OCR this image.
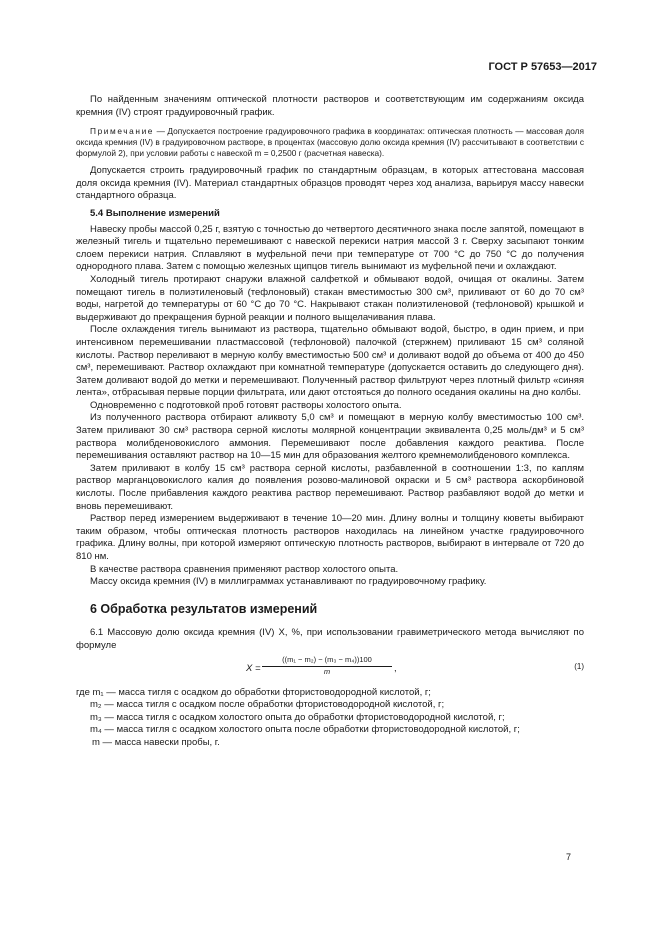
ГОСТ Р 57653—2017

По найденным значениям оптической плотности растворов и соответствующим им содержаниям оксида кремния (IV) строят градуировочный график.

Примечание — Допускается построение градуировочного графика в координатах: оптическая плотность — массовая доля оксида кремния (IV) в градуировочном растворе, в процентах (массовую долю оксида кремния (IV) рассчитывают в соответствии с формулой 2), при условии работы с навеской m = 0,2500 г (расчетная навеска).

Допускается строить градуировочный график по стандартным образцам, в которых аттестована массовая доля оксида кремния (IV). Материал стандартных образцов проводят через ход анализа, варьируя массу навески стандартного образца.

5.4 Выполнение измерений

Навеску пробы массой 0,25 г, взятую с точностью до четвертого десятичного знака после запятой, помещают в железный тигель и тщательно перемешивают с навеской перекиси натрия массой 3 г. Сверху засыпают тонким слоем перекиси натрия. Сплавляют в муфельной печи при температуре от 700 °С до 750 °С до получения однородного плава. Затем с помощью железных щипцов тигель вынимают из муфельной печи и охлаждают.

Холодный тигель протирают снаружи влажной салфеткой и обмывают водой, очищая от окалины. Затем помещают тигель в полиэтиленовый (тефлоновый) стакан вместимостью 300 см³, приливают от 60 до 70 см³ воды, нагретой до температуры от 60 °С до 70 °С. Накрывают стакан полиэтиленовой (тефлоновой) крышкой и выдерживают до прекращения бурной реакции и полного выщелачивания плава.

После охлаждения тигель вынимают из раствора, тщательно обмывают водой, быстро, в один прием, и при интенсивном перемешивании пластмассовой (тефлоновой) палочкой (стержнем) приливают 15 см³ соляной кислоты. Раствор переливают в мерную колбу вместимостью 500 см³ и доливают водой до объема от 400 до 450 см³, перемешивают. Раствор охлаждают при комнатной температуре (допускается оставить до следующего дня). Затем доливают водой до метки и перемешивают. Полученный раствор фильтруют через плотный фильтр «синяя лента», отбрасывая первые порции фильтрата, или дают отстояться до полного оседания окалины на дно колбы.

Одновременно с подготовкой проб готовят растворы холостого опыта.

Из полученного раствора отбирают аликвоту 5,0 см³ и помещают в мерную колбу вместимостью 100 см³. Затем приливают 30 см³ раствора серной кислоты молярной концентрации эквивалента 0,25 моль/дм³ и 5 см³ раствора молибденовокислого аммония. Перемешивают после добавления каждого реактива. После перемешивания оставляют раствор на 10—15 мин для образования желтого кремнемолибденового комплекса.

Затем приливают в колбу 15 см³ раствора серной кислоты, разбавленной в соотношении 1:3, по каплям раствор марганцовокислого калия до появления розово-малиновой окраски и 5 см³ раствора аскорбиновой кислоты. После прибавления каждого реактива раствор перемешивают. Раствор разбавляют водой до метки и вновь перемешивают.

Раствор перед измерением выдерживают в течение 10—20 мин. Длину волны и толщину кюветы выбирают таким образом, чтобы оптическая плотность растворов находилась на линейном участке градуировочного графика. Длину волны, при которой измеряют оптическую плотность растворов, выбирают в интервале от 720 до 810 нм.

В качестве раствора сравнения применяют раствор холостого опыта.

Массу оксида кремния (IV) в миллиграммах устанавливают по градуировочному графику.

6 Обработка результатов измерений

6.1 Массовую долю оксида кремния (IV) X, %, при использовании гравиметрического метода вычисляют по формуле

$X = \frac{\text{((m₁ − m₂) − (m₃ − m₄))100}}{m}$ ,	(1)

где m₁ — масса тигля с осадком до обработки фтористоводородной кислотой, г;

m₂ — масса тигля с осадком после обработки фтористоводородной кислотой, г;

m₃ — масса тигля с осадком холостого опыта до обработки фтористоводородной кислотой, г;

m₄ — масса тигля с осадком холостого опыта после обработки фтористоводородной кислотой, г;

m — масса навески пробы, г.

7
